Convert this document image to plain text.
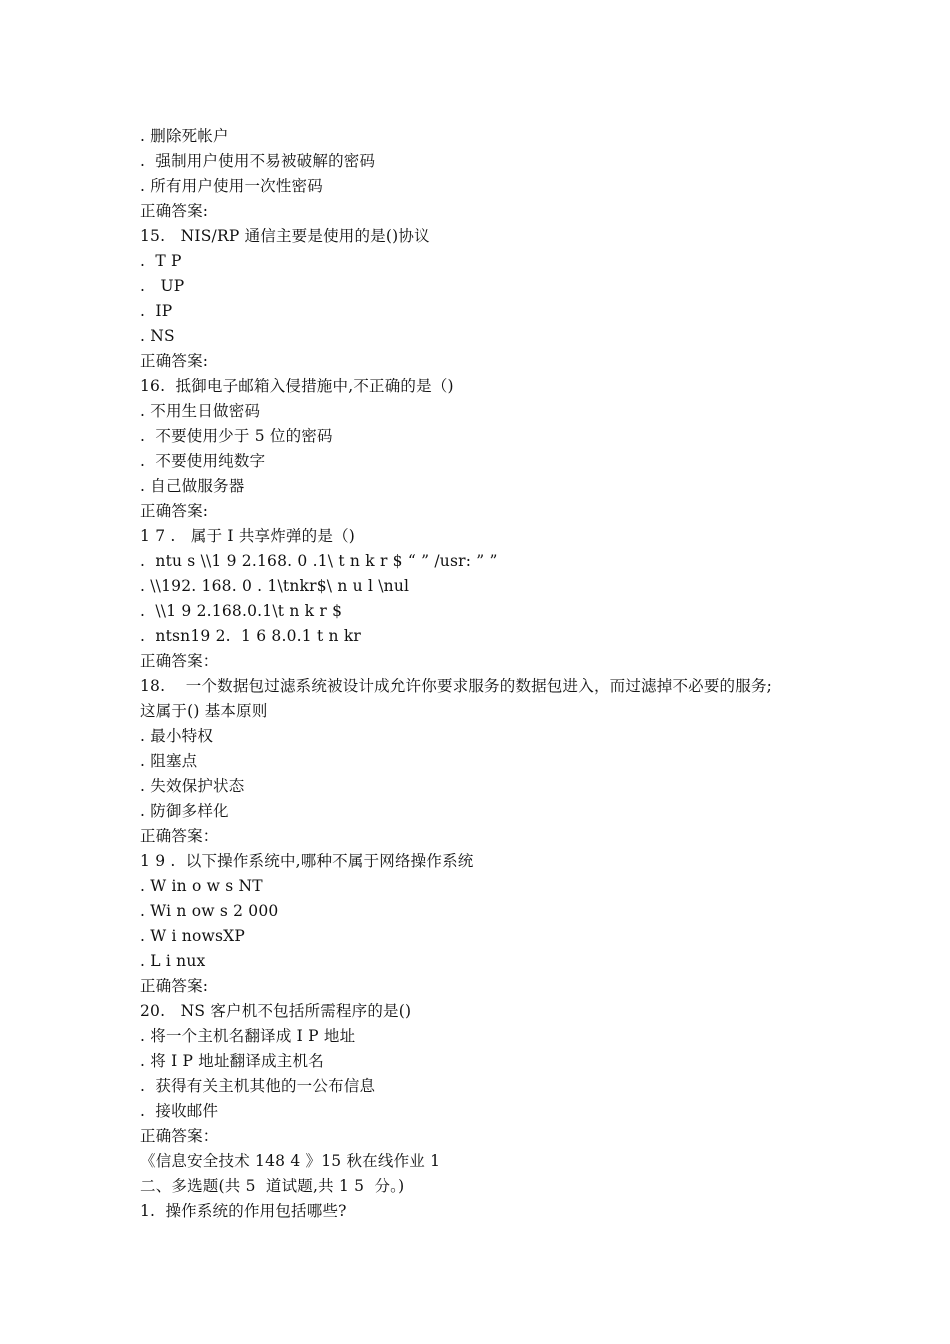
. 删除死帐户
.  强制用户使用不易被破解的密码
. 所有用户使用一次性密码
正确答案:
15.   NIS/RP 通信主要是使用的是()协议
.  T P
.   UP
.  IP
. NS
正确答案:
16.  抵御电子邮箱入侵措施中,不正确的是（)
. 不用生日做密码
.  不要使用少于 5 位的密码
.  不要使用纯数字
. 自己做服务器
正确答案:
1 7 .   属于 I 共享炸弹的是（)
.  ntu s \\1 9 2.168. 0 .1\ t n k r $ “ ” /usr: ” ”
. \\192. 168. 0 . 1\tnkr$\ n u l \nul
.  \\1 9 2.168.0.1\t n k r $
.  ntsn19 2.  1 6 8.0.1 t n kr
正确答案：
18.    一个数据包过滤系统被设计成允许你要求服务的数据包进入，而过滤掉不必要的服务;
这属于() 基本原则
. 最小特权
. 阻塞点
. 失效保护状态
. 防御多样化
正确答案：
1 9 .  以下操作系统中,哪种不属于网络操作系统
. W in o w s NT
. Wi n ow s 2 000
. W i nowsXP
. L i nux
正确答案:
20.   NS 客户机不包括所需程序的是()
. 将一个主机名翻译成 I P 地址
. 将 I P 地址翻译成主机名
.  获得有关主机其他的一公布信息
.  接收邮件
正确答案：
《信息安全技术 148 4 》15 秋在线作业 1
二、多选题(共 5  道试题,共 1 5  分。)
1.  操作系统的作用包括哪些?
